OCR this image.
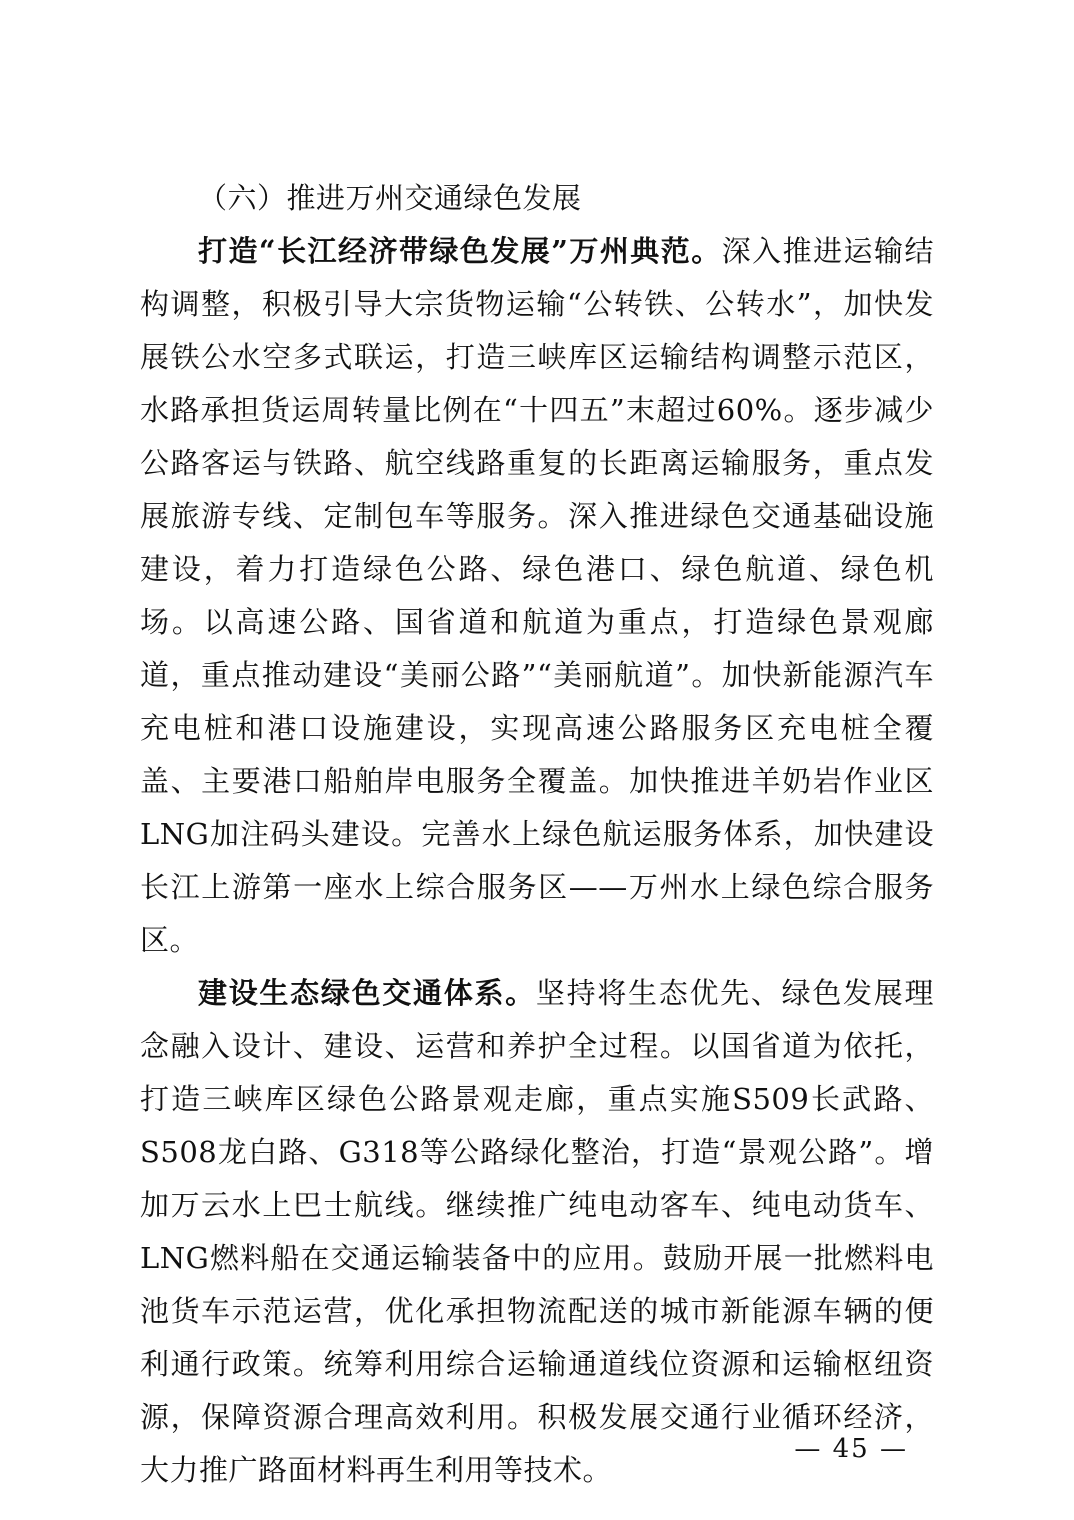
（六）推进万州交通绿色发展

打造“长江经济带绿色发展”万州典范。深入推进运输结构调整，积极引导大宗货物运输“公转铁、公转水”，加快发展铁公水空多式联运，打造三峡库区运输结构调整示范区，水路承担货运周转量比例在“十四五”末超过60%。逐步减少公路客运与铁路、航空线路重复的长距离运输服务，重点发展旅游专线、定制包车等服务。深入推进绿色交通基础设施建设，着力打造绿色公路、绿色港口、绿色航道、绿色机场。以高速公路、国省道和航道为重点，打造绿色景观廊道，重点推动建设“美丽公路”“美丽航道”。加快新能源汽车充电桩和港口设施建设，实现高速公路服务区充电桩全覆盖、主要港口船舶岸电服务全覆盖。加快推进羊奶岩作业区LNG加注码头建设。完善水上绿色航运服务体系，加快建设长江上游第一座水上综合服务区——万州水上绿色综合服务区。

建设生态绿色交通体系。坚持将生态优先、绿色发展理念融入设计、建设、运营和养护全过程。以国省道为依托，打造三峡库区绿色公路景观走廊，重点实施S509长武路、S508龙白路、G318等公路绿化整治，打造“景观公路”。增加万云水上巴士航线。继续推广纯电动客车、纯电动货车、LNG燃料船在交通运输装备中的应用。鼓励开展一批燃料电池货车示范运营，优化承担物流配送的城市新能源车辆的便利通行政策。统筹利用综合运输通道线位资源和运输枢纽资源，保障资源合理高效利用。积极发展交通行业循环经济，大力推广路面材料再生利用等技术。

— 45 —
